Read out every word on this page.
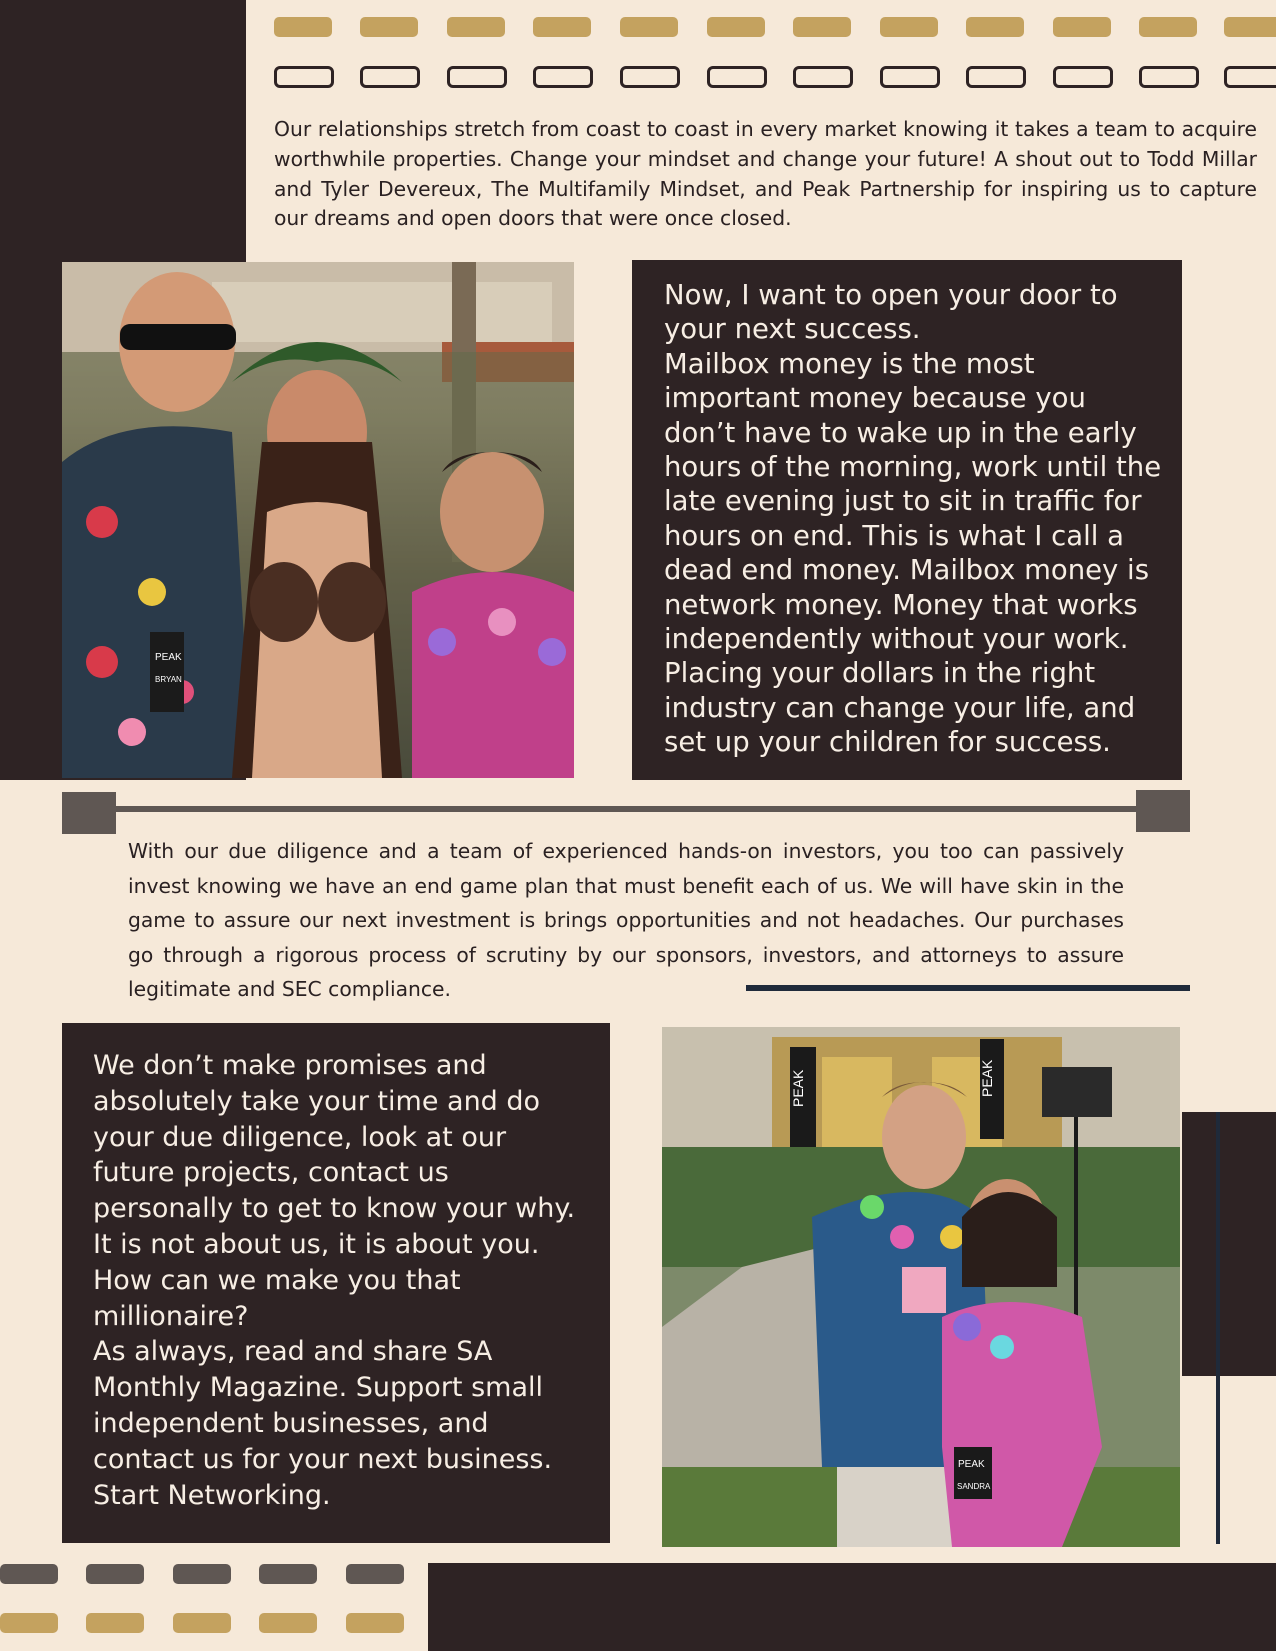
Our relationships stretch from coast to coast in every market knowing it takes a team to acquire worthwhile properties. Change your mindset and change your future! A shout out to Todd Millar and Tyler Devereux, The Multifamily Mindset, and Peak Partnership for inspiring us to capture our dreams and open doors that were once closed.
PEAK
BRYAN
Now, I want to open your door to
your next success.
Mailbox money is the most
important money because you
don’t have to wake up in the early
hours of the morning, work until the
late evening just to sit in traffic for
hours on end. This is what I call a
dead end money. Mailbox money is
network money. Money that works
independently without your work.
Placing your dollars in the right
industry can change your life, and
set up your children for success.
With our due diligence and a team of experienced hands-on investors, you too can passively invest knowing we have an end game plan that must benefit each of us. We will have skin in the game to assure our next investment is brings opportunities and not headaches. Our purchases go through a rigorous process of scrutiny by our sponsors, investors, and attorneys to assure legitimate and SEC compliance.
We don’t make promises and
absolutely take your time and do
your due diligence, look at our
future projects, contact us
personally to get to know your why.
It is not about us, it is about you.
How can we make you that
millionaire?
As always, read and share SA
Monthly Magazine. Support small
independent businesses, and
contact us for your next business.
Start Networking.
PEAK	PEAK
PEAK
SANDRA
